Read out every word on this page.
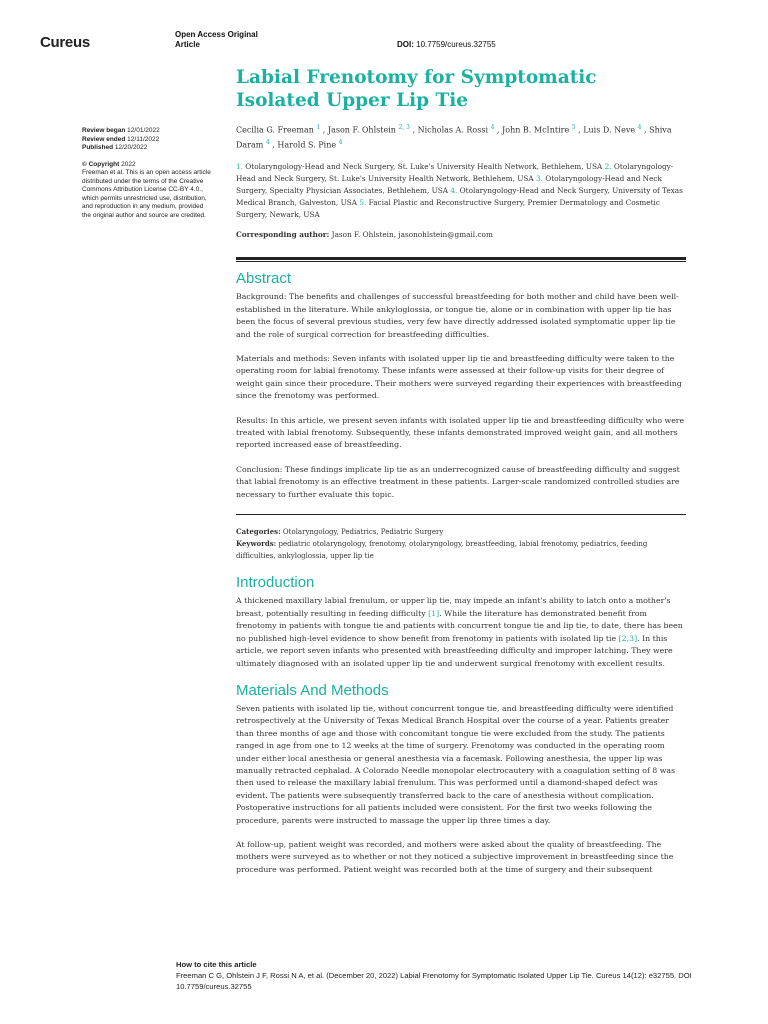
Cureus	Open Access Original Article	DOI: 10.7759/cureus.32755
Review began 12/01/2022
Review ended 12/11/2022
Published 12/20/2022
© Copyright 2022
Freeman et al. This is an open access article distributed under the terms of the Creative Commons Attribution License CC-BY 4.0., which permits unrestricted use, distribution, and reproduction in any medium, provided the original author and source are credited.
Labial Frenotomy for Symptomatic Isolated Upper Lip Tie
Cecilia G. Freeman $^1$ , Jason F. Ohlstein $^{2, 3}$ , Nicholas A. Rossi $^4$ , John B. McIntire $^5$ , Luis D. Neve $^4$ , Shiva Daram $^4$ , Harold S. Pine $^4$
1. Otolaryngology-Head and Neck Surgery, St. Luke's University Health Network, Bethlehem, USA 2. Otolaryngology-Head and Neck Surgery, St. Luke's University Health Network, Bethlehem, USA 3. Otolaryngology-Head and Neck Surgery, Specialty Physician Associates, Bethlehem, USA 4. Otolaryngology-Head and Neck Surgery, University of Texas Medical Branch, Galveston, USA 5. Facial Plastic and Reconstructive Surgery, Premier Dermatology and Cosmetic Surgery, Newark, USA
Corresponding author: Jason F. Ohlstein, jasonohlstein@gmail.com
Abstract

Background: The benefits and challenges of successful breastfeeding for both mother and child have been well-established in the literature. While ankyloglossia, or tongue tie, alone or in combination with upper lip tie has been the focus of several previous studies, very few have directly addressed isolated symptomatic upper lip tie and the role of surgical correction for breastfeeding difficulties.

Materials and methods: Seven infants with isolated upper lip tie and breastfeeding difficulty were taken to the operating room for labial frenotomy. These infants were assessed at their follow-up visits for their degree of weight gain since their procedure. Their mothers were surveyed regarding their experiences with breastfeeding since the frenotomy was performed.

Results: In this article, we present seven infants with isolated upper lip tie and breastfeeding difficulty who were treated with labial frenotomy. Subsequently, these infants demonstrated improved weight gain, and all mothers reported increased ease of breastfeeding.

Conclusion: These findings implicate lip tie as an underrecognized cause of breastfeeding difficulty and suggest that labial frenotomy is an effective treatment in these patients. Larger-scale randomized controlled studies are necessary to further evaluate this topic.

Categories: Otolaryngology, Pediatrics, Pediatric Surgery
Keywords: pediatric otolaryngology, frenotomy, otolaryngology, breastfeeding, labial frenotomy, pediatrics, feeding difficulties, ankyloglossia, upper lip tie
Introduction

A thickened maxillary labial frenulum, or upper lip tie, may impede an infant's ability to latch onto a mother's breast, potentially resulting in feeding difficulty [1]. While the literature has demonstrated benefit from frenotomy in patients with tongue tie and patients with concurrent tongue tie and lip tie, to date, there has been no published high-level evidence to show benefit from frenotomy in patients with isolated lip tie [2,3]. In this article, we report seven infants who presented with breastfeeding difficulty and improper latching. They were ultimately diagnosed with an isolated upper lip tie and underwent surgical frenotomy with excellent results.

Materials And Methods

Seven patients with isolated lip tie, without concurrent tongue tie, and breastfeeding difficulty were identified retrospectively at the University of Texas Medical Branch Hospital over the course of a year. Patients greater than three months of age and those with concomitant tongue tie were excluded from the study. The patients ranged in age from one to 12 weeks at the time of surgery. Frenotomy was conducted in the operating room under either local anesthesia or general anesthesia via a facemask. Following anesthesia, the upper lip was manually retracted cephalad. A Colorado Needle monopolar electrocautery with a coagulation setting of 8 was then used to release the maxillary labial frenulum. This was performed until a diamond-shaped defect was evident. The patients were subsequently transferred back to the care of anesthesia without complication. Postoperative instructions for all patients included were consistent. For the first two weeks following the procedure, parents were instructed to massage the upper lip three times a day.

At follow-up, patient weight was recorded, and mothers were asked about the quality of breastfeeding. The mothers were surveyed as to whether or not they noticed a subjective improvement in breastfeeding since the procedure was performed. Patient weight was recorded both at the time of surgery and their subsequent

How to cite this article
Freeman C G, Ohlstein J F, Rossi N A, et al. (December 20, 2022) Labial Frenotomy for Symptomatic Isolated Upper Lip Tie. Cureus 14(12): e32755. DOI 10.7759/cureus.32755
